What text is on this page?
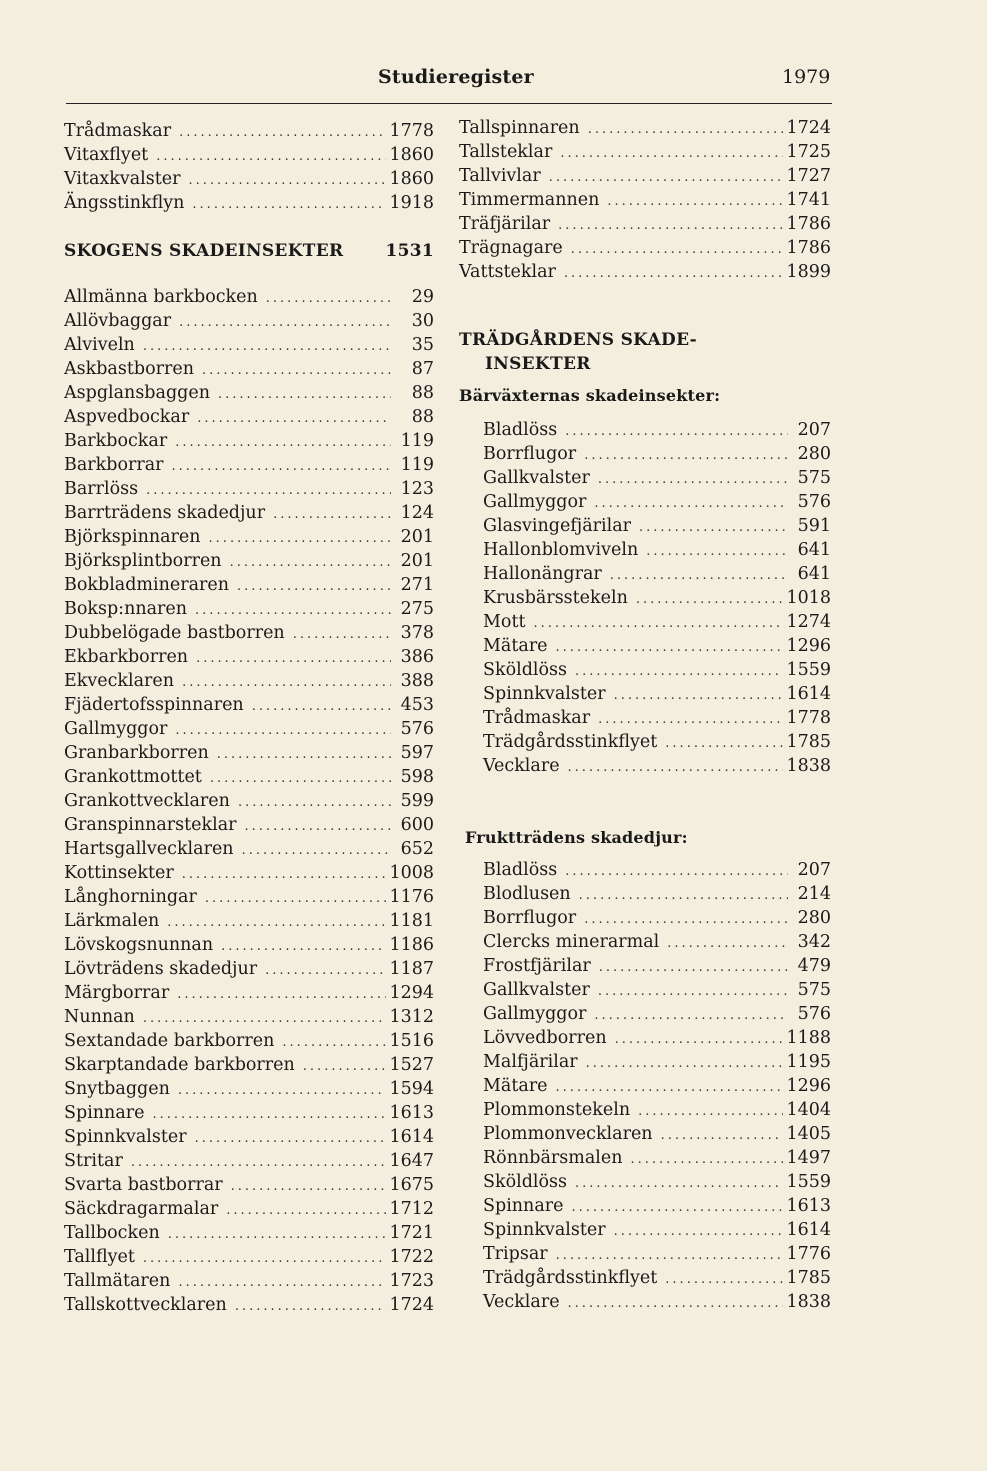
Studieregister	1979
Trådmaskar .....	1778
Vitaxflyet .....	1860
Vitaxkvalster .....	1860
Ängsstinkflyn .....	1918
SKOGENS SKADEINSEKTER 1531
Allmänna barkbocken .....	29
Allövbaggar .....	30
Alviveln .....	35
Askbastborren .....	87
Aspglansbaggen .....	88
Aspvedbockar .....	88
Barkbockar .....	119
Barkborrar .....	119
Barrlöss .....	123
Barrträdens skadedjur .....	124
Björkspinnaren .....	201
Björksplintborren .....	201
Bokbladmineraren .....	271
Boksp:nnaren .....	275
Dubbelögade bastborren .....	378
Ekbarkborren .....	386
Ekvecklaren .....	388
Fjädertofsspinnaren .....	453
Gallmyggor .....	576
Granbarkborren .....	597
Grankottmottet .....	598
Grankottvecklaren .....	599
Granspinnarsteklar .....	600
Hartsgallvecklaren .....	652
Kottinsekter .....	1008
Långhorningar .....	1176
Lärkmalen .....	1181
Lövskogsnunnan .....	1186
Lövträdens skadedjur .....	1187
Märgborrar .....	1294
Nunnan .....	1312
Sextandade barkborren .....	1516
Skarptandade barkborren .....	1527
Snytbaggen .....	1594
Spinnare .....	1613
Spinnkvalster .....	1614
Stritar .....	1647
Svarta bastborrar .....	1675
Säckdragarmalar .....	1712
Tallbocken .....	1721
Tallflyet .....	1722
Tallmätaren .....	1723
Tallskottvecklaren .....	1724
Tallspinnaren .....	1724
Tallsteklar .....	1725
Tallvivlar .....	1727
Timmermannen .....	1741
Träfjärilar .....	1786
Trägnagare .....	1786
Vattsteklar .....	1899
TRÄDGÅRDENS SKADE-
INSEKTER
Bärväxternas skadeinsekter:
Bladlöss .....	207
Borrflugor .....	280
Gallkvalster .....	575
Gallmyggor .....	576
Glasvingefjärilar .....	591
Hallonblomviveln .....	641
Hallonängrar .....	641
Krusbärsstekeln .....	1018
Mott .....	1274
Mätare .....	1296
Sköldlöss .....	1559
Spinnkvalster .....	1614
Trådmaskar .....	1778
Trädgårdsstinkflyet .....	1785
Vecklare .....	1838
Fruktträdens skadedjur:
Bladlöss .....	207
Blodlusen .....	214
Borrflugor .....	280
Clercks minerarmal .....	342
Frostfjärilar .....	479
Gallkvalster .....	575
Gallmyggor .....	576
Lövvedborren .....	1188
Malfjärilar .....	1195
Mätare .....	1296
Plommonstekeln .....	1404
Plommonvecklaren .....	1405
Rönnbärsmalen .....	1497
Sköldlöss .....	1559
Spinnare .....	1613
Spinnkvalster .....	1614
Tripsar .....	1776
Trädgårdsstinkflyet .....	1785
Vecklare .....	1838
